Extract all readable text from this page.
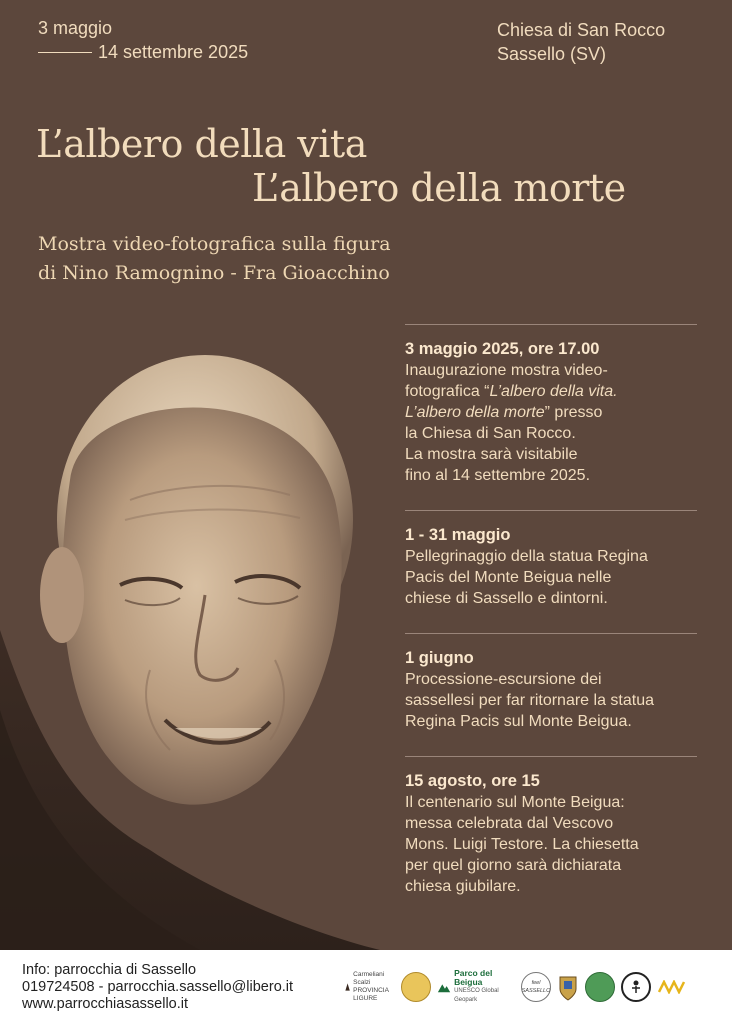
3 maggio
14 settembre 2025
Chiesa di San Rocco
Sassello (SV)
L’albero della vita
L’albero della morte
Mostra video-fotografica sulla figura
di Nino Ramognino - Fra Gioacchino
3 maggio 2025, ore 17.00
Inaugurazione mostra video-
fotografica “L’albero della vita.
L’albero della morte” presso
la Chiesa di San Rocco.
La mostra sarà visitabile
fino al 14 settembre 2025.
1 - 31 maggio
Pellegrinaggio della statua Regina
Pacis del Monte Beigua nelle
chiese di Sassello e dintorni.
1 giugno
Processione-escursione dei
sassellesi per far ritornare la statua
Regina Pacis sul Monte Beigua.
15 agosto, ore 15
Il centenario sul Monte Beigua:
messa celebrata dal Vescovo
Mons. Luigi Testore. La chiesetta
per quel giorno sarà dichiarata
chiesa giubilare.
Info: parrocchia di Sassello
019724508 - parrocchia.sassello@libero.it
www.parrocchiasassello.it
Carmeliani Scalzi PROVINCIA LIGURE
Parco del Beigua
UNESCO Global Geopark
feel SASSELLO
